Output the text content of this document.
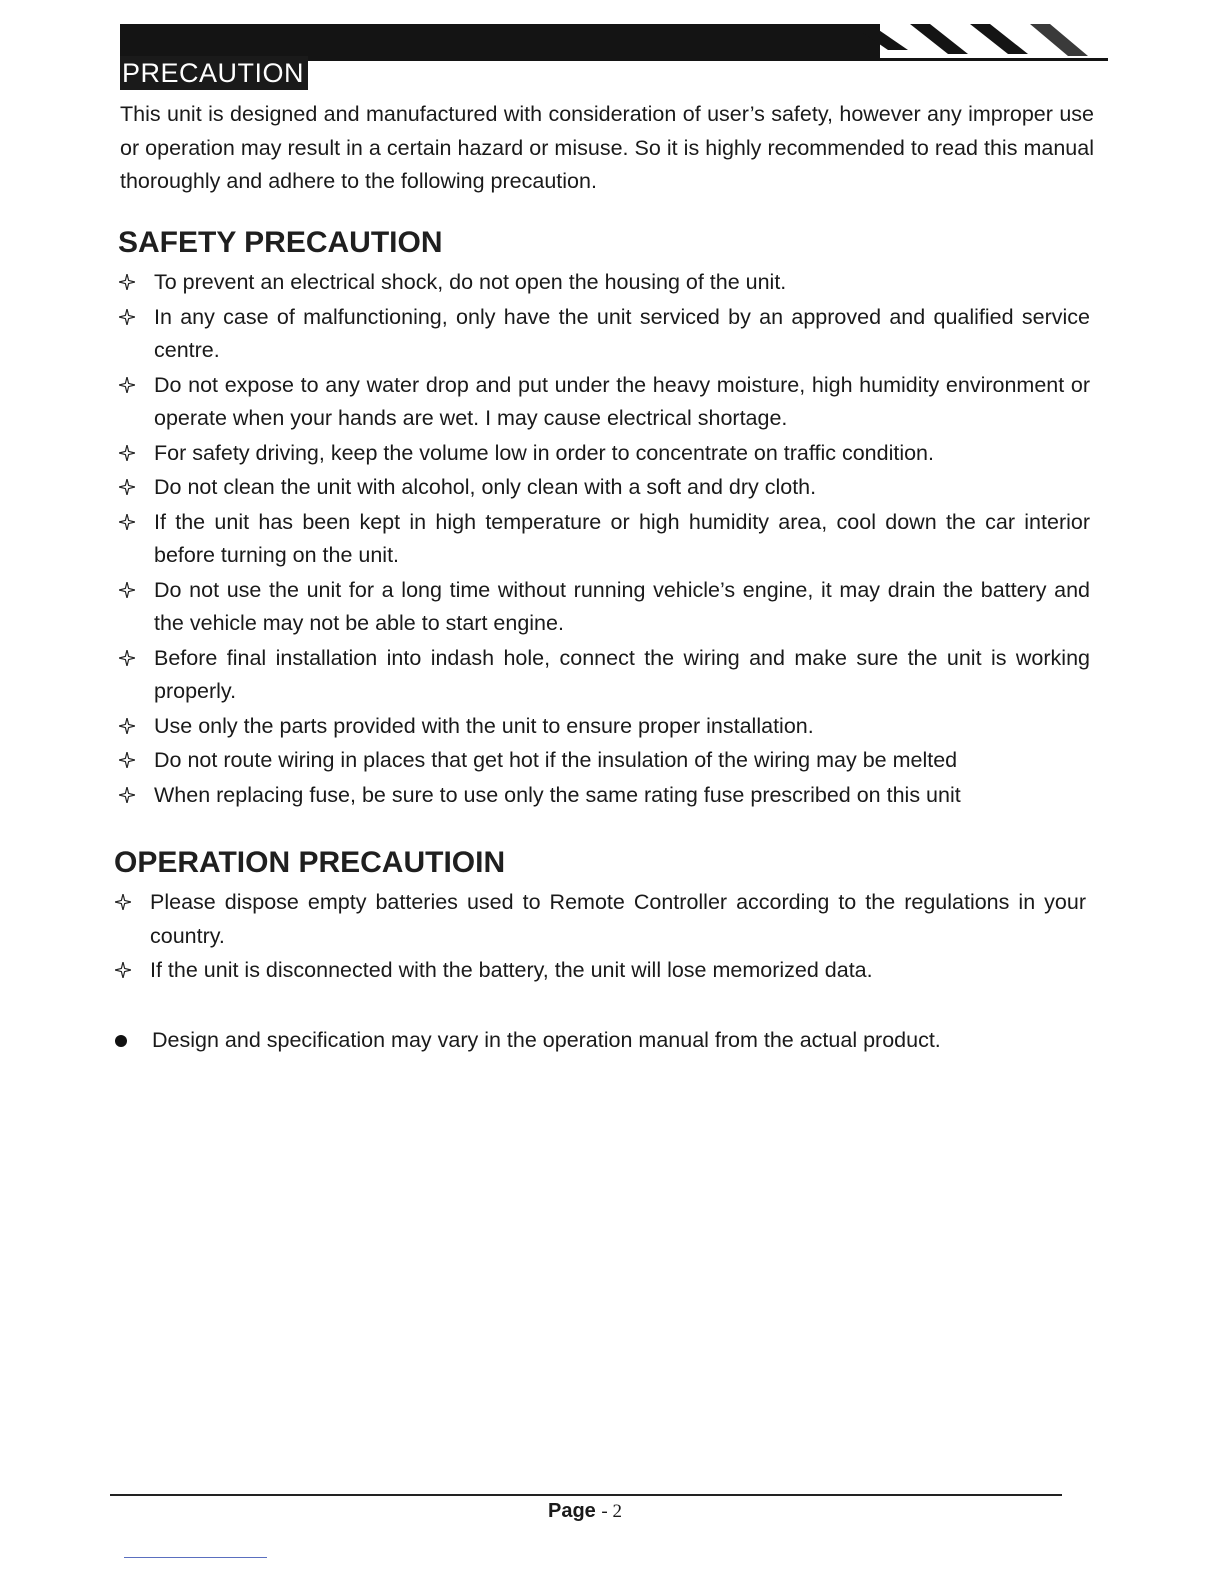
PRECAUTION

This unit is designed and manufactured with consideration of user’s safety, however any improper use or operation may result in a certain hazard or misuse. So it is highly recommended to read this manual thoroughly and adhere to the following precaution.

SAFETY PRECAUTION
To prevent an electrical shock, do not open the housing of the unit.
In any case of malfunctioning, only have the unit serviced by an approved and qualified service centre.
Do not expose to any water drop and put under the heavy moisture, high humidity environment or operate when your hands are wet. I may cause electrical shortage.
For safety driving, keep the volume low in order to concentrate on traffic condition.
Do not clean the unit with alcohol, only clean with a soft and dry cloth.
If the unit has been kept in high temperature or high humidity area, cool down the car interior before turning on the unit.
Do not use the unit for a long time without running vehicle’s engine, it may drain the battery and the vehicle may not be able to start engine.
Before final installation into indash hole, connect the wiring and make sure the unit is working properly.
Use only the parts provided with the unit to ensure proper installation.
Do not route wiring in places that get hot if the insulation of the wiring may be melted
When replacing fuse, be sure to use only the same rating fuse prescribed on this unit
OPERATION PRECAUTIOIN
Please dispose empty batteries used to Remote Controller according to the regulations in your country.
If the unit is disconnected with the battery, the unit will lose memorized data.
Design and specification may vary in the operation manual from the actual product.
Page - 2
